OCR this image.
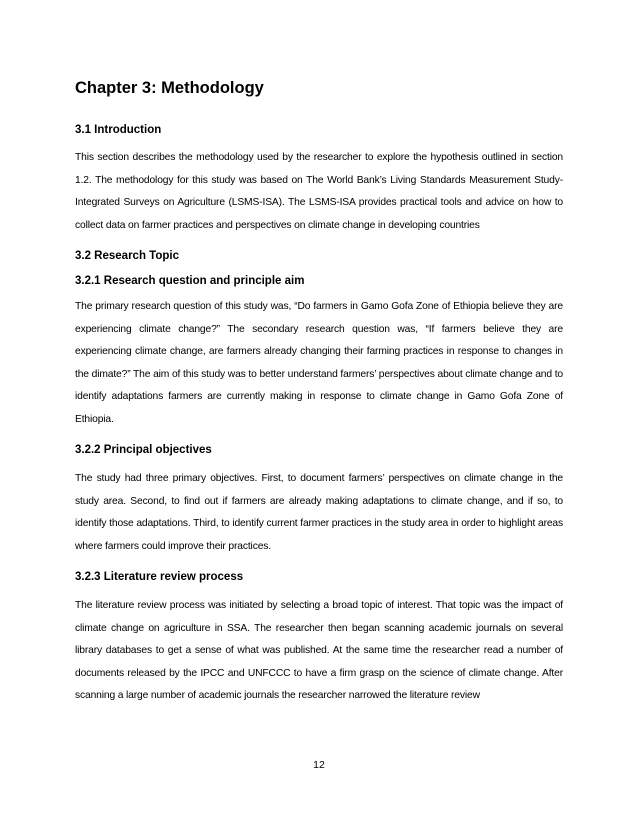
Chapter 3: Methodology
3.1 Introduction

This section describes the methodology used by the researcher to explore the hypothesis outlined in section 1.2. The methodology for this study was based on The World Bank’s Living Standards Measurement Study- Integrated Surveys on Agriculture (LSMS-ISA). The LSMS-ISA provides practical tools and advice on how to collect data on farmer practices and perspectives on climate change in developing countries

3.2 Research Topic
3.2.1 Research question and principle aim

The primary research question of this study was, “Do farmers in Gamo Gofa Zone of Ethiopia believe they are experiencing climate change?” The secondary research question was, “If farmers believe they are experiencing climate change, are farmers already changing their farming practices in response to changes in the dimate?” The aim of this study was to better understand farmers’ perspectives about climate change and to identify adaptations farmers are currently making in response to climate change in Gamo Gofa Zone of Ethiopia.

3.2.2 Principal objectives

The study had three primary objectives. First, to document farmers’ perspectives on climate change in the study area. Second, to find out if farmers are already making adaptations to climate change, and if so, to identify those adaptations. Third, to identify current farmer practices in the study area in order to highlight areas where farmers could improve their practices.

3.2.3 Literature review process

The literature review process was initiated by selecting a broad topic of interest. That topic was the impact of climate change on agriculture in SSA. The researcher then began scanning academic journals on several library databases to get a sense of what was published. At the same time the researcher read a number of documents released by the IPCC and UNFCCC to have a firm grasp on the science of climate change. After scanning a large number of academic journals the researcher narrowed the literature review

12
